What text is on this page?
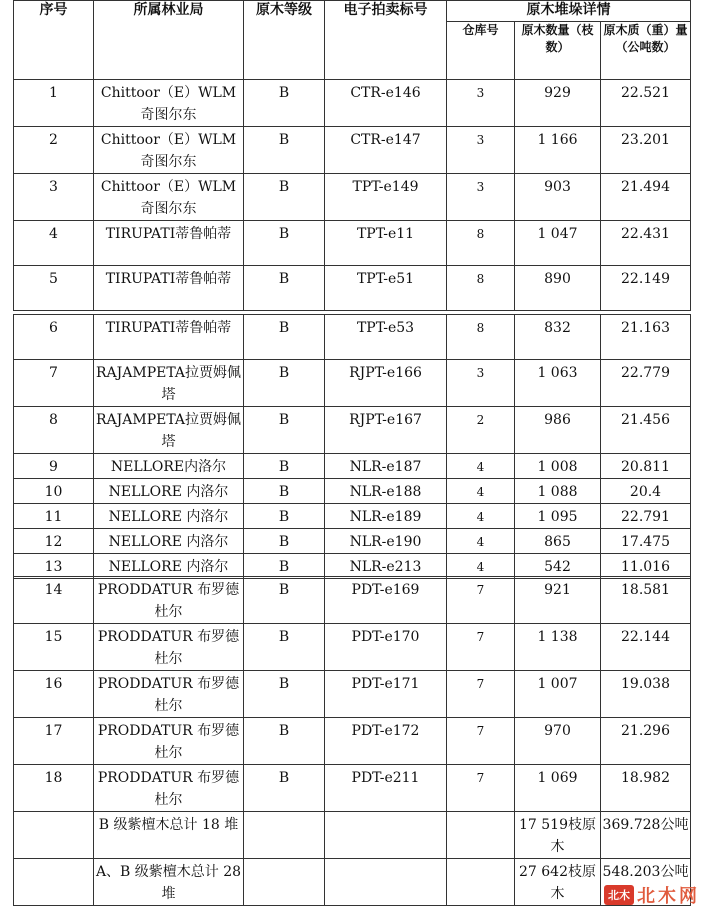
序号	所属林业局	原木等级	电子拍卖标号	原木堆垛详情		
				仓库号	原木数量（枝数）	原木质（重）量（公吨数）
1	Chittoor（E）WLM奇图尔东	B	CTR-e146	3	929	22.521
2	Chittoor（E）WLM奇图尔东	B	CTR-e147	3	1 166	23.201
3	Chittoor（E）WLM 奇图尔东	B	TPT-e149	3	903	21.494
4	TIRUPATI蒂鲁帕蒂	B	TPT-e11	8	1 047	22.431
5	TIRUPATI蒂鲁帕蒂	B	TPT-e51	8	890	22.149
6	TIRUPATI蒂鲁帕蒂	B	TPT-e53	8	832	21.163
7	RAJAMPETA拉贾姆佩塔	B	RJPT-e166	3	1 063	22.779
8	RAJAMPETA拉贾姆佩塔	B	RJPT-e167	2	986	21.456
9	NELLORE内洛尔	B	NLR-e187	4	1 008	20.811
10	NELLORE 内洛尔	B	NLR-e188	4	1 088	20.4
11	NELLORE 内洛尔	B	NLR-e189	4	1 095	22.791
12	NELLORE 内洛尔	B	NLR-e190	4	865	17.475
13	NELLORE 内洛尔	B	NLR-e213	4	542	11.016
14	PRODDATUR 布罗德杜尔	B	PDT-e169	7	921	18.581
15	PRODDATUR 布罗德杜尔	B	PDT-e170	7	1 138	22.144
16	PRODDATUR 布罗德杜尔	B	PDT-e171	7	1 007	19.038
17	PRODDATUR 布罗德杜尔	B	PDT-e172	7	970	21.296
18	PRODDATUR 布罗德杜尔	B	PDT-e211	7	1 069	18.982
	B 级紫檀木总计 18 堆				17 519枝原木	369.728公吨
	A、B 级紫檀木总计 28 堆				27 642枝原木	548.203公吨
北木 北木网
